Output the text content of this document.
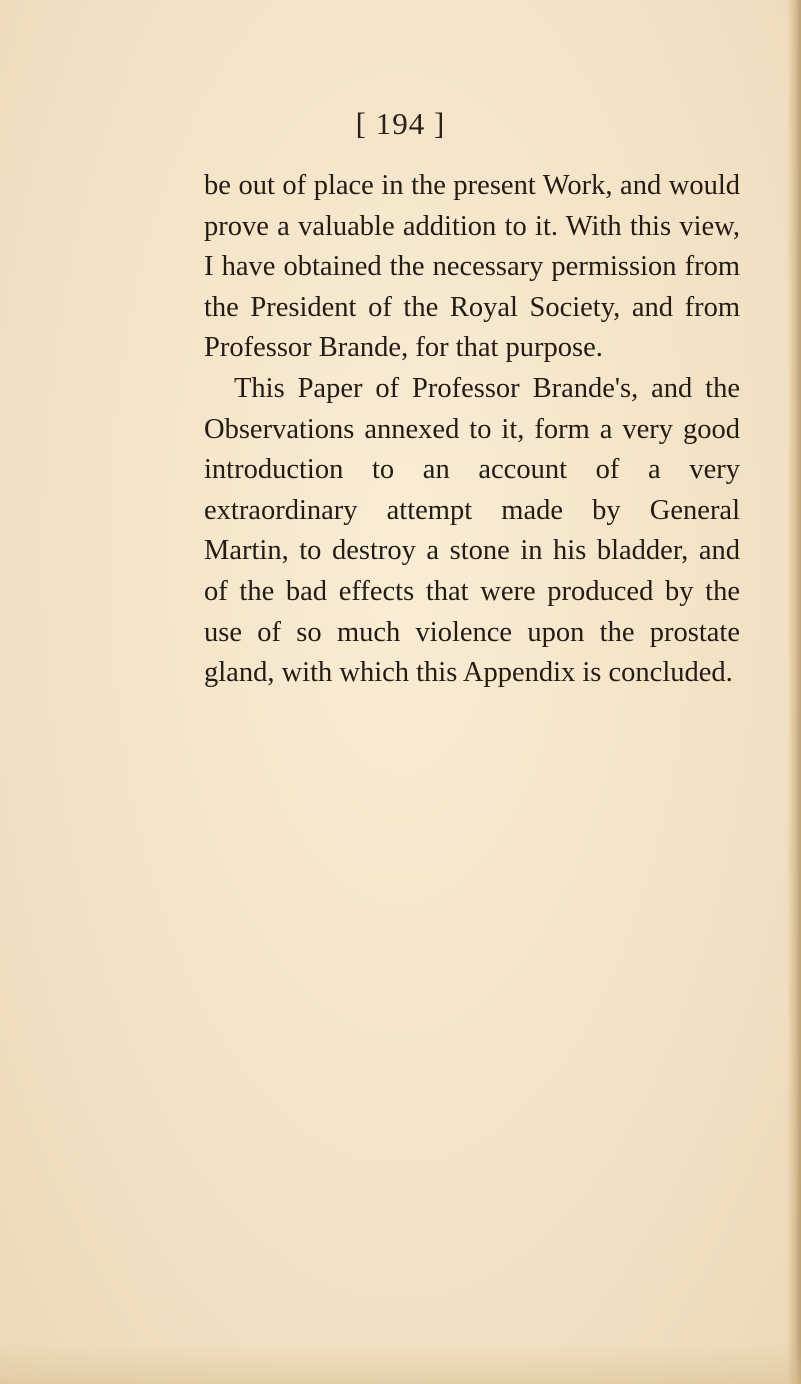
[ 194 ]

be out of place in the present Work, and would prove a valuable addition to it. With this view, I have obtained the necessary permission from the President of the Royal Society, and from Professor Brande, for that purpose.

This Paper of Professor Brande's, and the Observations annexed to it, form a very good introduction to an account of a very extraordinary attempt made by General Martin, to destroy a stone in his bladder, and of the bad effects that were produced by the use of so much violence upon the prostate gland, with which this Appendix is concluded.
